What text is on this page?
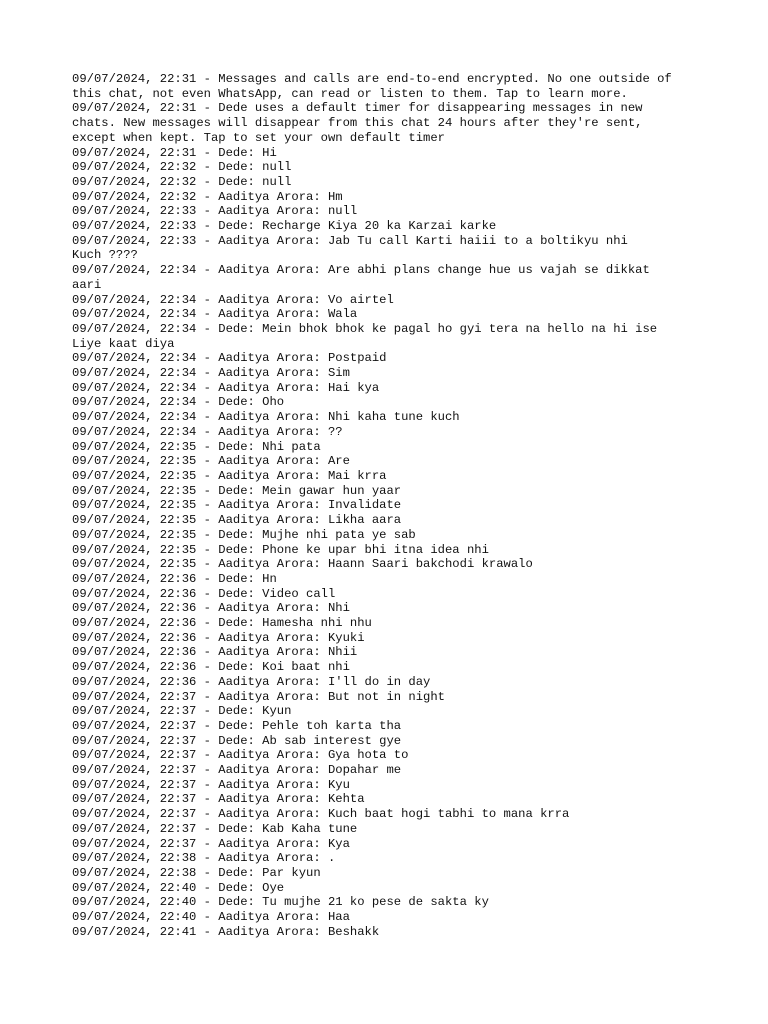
09/07/2024, 22:31 - Messages and calls are end-to-end encrypted. No one outside of
this chat, not even WhatsApp, can read or listen to them. Tap to learn more.

09/07/2024, 22:31 - Dede uses a default timer for disappearing messages in new
chats. New messages will disappear from this chat 24 hours after they're sent,
except when kept. Tap to set your own default timer

09/07/2024, 22:31 - Dede: Hi

09/07/2024, 22:32 - Dede: null

09/07/2024, 22:32 - Dede: null

09/07/2024, 22:32 - Aaditya Arora: Hm

09/07/2024, 22:33 - Aaditya Arora: null

09/07/2024, 22:33 - Dede: Recharge Kiya 20 ka Karzai karke

09/07/2024, 22:33 - Aaditya Arora: Jab Tu call Karti haiii to a boltikyu nhi
Kuch ????

09/07/2024, 22:34 - Aaditya Arora: Are abhi plans change hue us vajah se dikkat
aari

09/07/2024, 22:34 - Aaditya Arora: Vo airtel

09/07/2024, 22:34 - Aaditya Arora: Wala

09/07/2024, 22:34 - Dede: Mein bhok bhok ke pagal ho gyi tera na hello na hi ise
Liye kaat diya

09/07/2024, 22:34 - Aaditya Arora: Postpaid

09/07/2024, 22:34 - Aaditya Arora: Sim

09/07/2024, 22:34 - Aaditya Arora: Hai kya

09/07/2024, 22:34 - Dede: Oho

09/07/2024, 22:34 - Aaditya Arora: Nhi kaha tune kuch

09/07/2024, 22:34 - Aaditya Arora: ??

09/07/2024, 22:35 - Dede: Nhi pata

09/07/2024, 22:35 - Aaditya Arora: Are

09/07/2024, 22:35 - Aaditya Arora: Mai krra

09/07/2024, 22:35 - Dede: Mein gawar hun yaar

09/07/2024, 22:35 - Aaditya Arora: Invalidate

09/07/2024, 22:35 - Aaditya Arora: Likha aara

09/07/2024, 22:35 - Dede: Mujhe nhi pata ye sab

09/07/2024, 22:35 - Dede: Phone ke upar bhi itna idea nhi

09/07/2024, 22:35 - Aaditya Arora: Haann Saari bakchodi krawalo

09/07/2024, 22:36 - Dede: Hn

09/07/2024, 22:36 - Dede: Video call

09/07/2024, 22:36 - Aaditya Arora: Nhi

09/07/2024, 22:36 - Dede: Hamesha nhi nhu

09/07/2024, 22:36 - Aaditya Arora: Kyuki

09/07/2024, 22:36 - Aaditya Arora: Nhii

09/07/2024, 22:36 - Dede: Koi baat nhi

09/07/2024, 22:36 - Aaditya Arora: I'll do in day

09/07/2024, 22:37 - Aaditya Arora: But not in night

09/07/2024, 22:37 - Dede: Kyun

09/07/2024, 22:37 - Dede: Pehle toh karta tha

09/07/2024, 22:37 - Dede: Ab sab interest gye

09/07/2024, 22:37 - Aaditya Arora: Gya hota to

09/07/2024, 22:37 - Aaditya Arora: Dopahar me

09/07/2024, 22:37 - Aaditya Arora: Kyu

09/07/2024, 22:37 - Aaditya Arora: Kehta

09/07/2024, 22:37 - Aaditya Arora: Kuch baat hogi tabhi to mana krra

09/07/2024, 22:37 - Dede: Kab Kaha tune

09/07/2024, 22:37 - Aaditya Arora: Kya

09/07/2024, 22:38 - Aaditya Arora: .

09/07/2024, 22:38 - Dede: Par kyun

09/07/2024, 22:40 - Dede: Oye

09/07/2024, 22:40 - Dede: Tu mujhe 21 ko pese de sakta ky

09/07/2024, 22:40 - Aaditya Arora: Haa

09/07/2024, 22:41 - Aaditya Arora: Beshakk
